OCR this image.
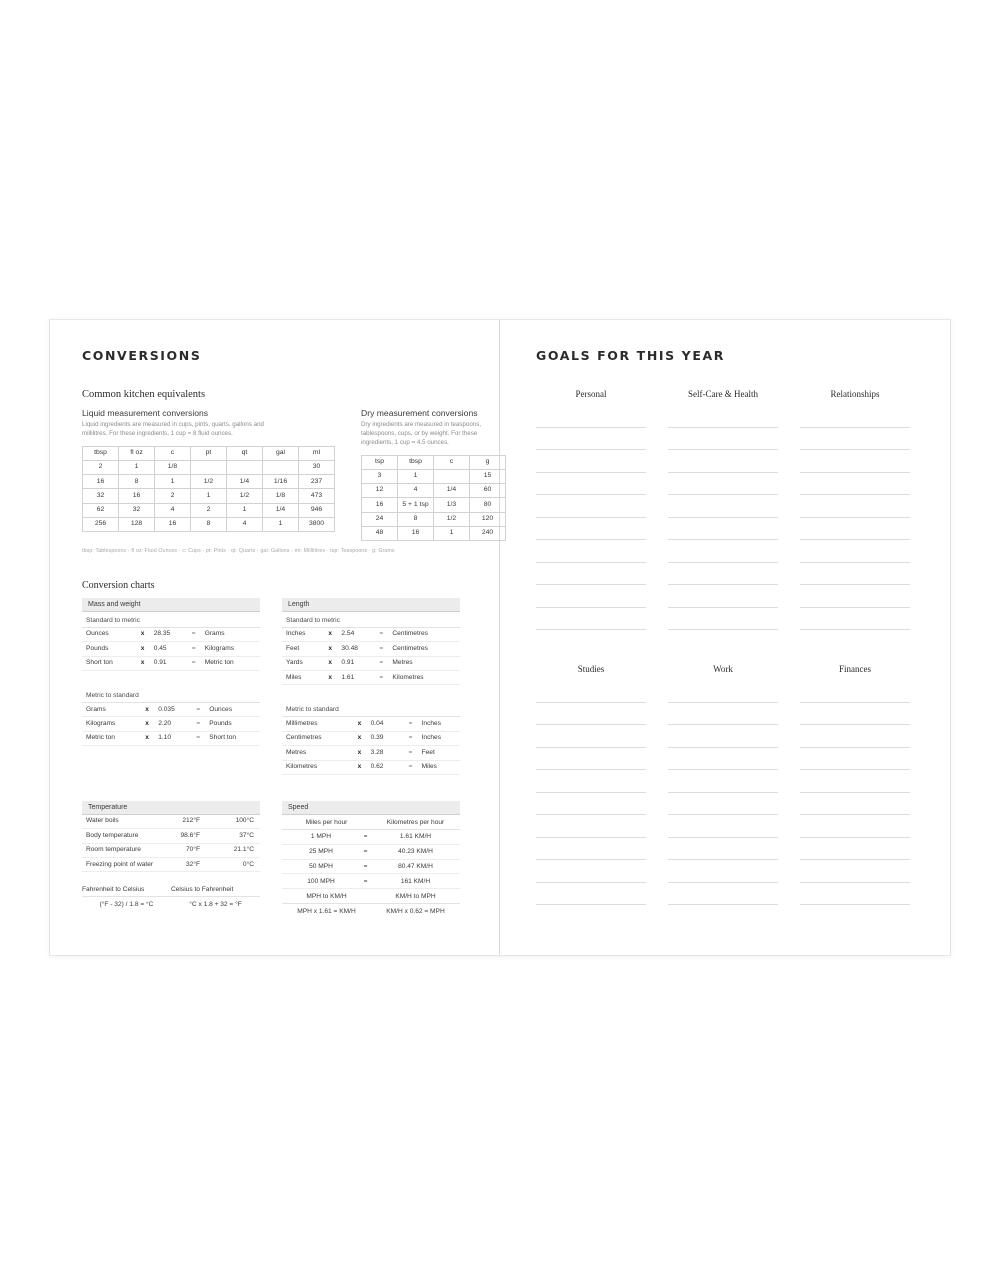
CONVERSIONS
Common kitchen equivalents
Liquid measurement conversions
Liquid ingredients are measured in cups, pints, quarts, gallons and millilitres. For these ingredients, 1 cup = 8 fluid ounces.
tbsp	fl oz	c	pt	qt	gal	ml
2	1	1/8				30
16	8	1	1/2	1/4	1/16	237
32	16	2	1	1/2	1/8	473
62	32	4	2	1	1/4	946
256	128	16	8	4	1	3800
Dry measurement conversions
Dry ingredients are measured in teaspoons, tablespoons, cups, or by weight. For these ingredients, 1 cup = 4.5 ounces.
tsp	tbsp	c	g
3	1		15
12	4	1/4	60
16	5 + 1 tsp	1/3	80
24	8	1/2	120
48	16	1	240
tbsp: Tablespoons · fl oz: Fluid Ounces · c: Cups · pt: Pints · qt: Quarts · gal: Gallons · ml: Millilitres · tsp: Teaspoons · g: Grams
Conversion charts
Mass and weight
Standard to metric
Ounces	x	28.35	=	Grams
Pounds	x	0.45	=	Kilograms
Short ton	x	0.91	=	Metric ton
Metric to standard
Grams	x	0.035	=	Ounces
Kilograms	x	2.20	=	Pounds
Metric ton	x	1.10	=	Short ton
Length
Standard to metric
Inches	x	2.54	=	Centimetres
Feet	x	30.48	=	Centimetres
Yards	x	0.91	=	Metres
Miles	x	1.61	=	Kilometres
Metric to standard
Millimetres	x	0.04	=	Inches
Centimetres	x	0.39	=	Inches
Metres	x	3.28	=	Feet
Kilometres	x	0.62	=	Miles
Temperature
Water boils	212°F	100°C
Body temperature	98.6°F	37°C
Room temperature	70°F	21.1°C
Freezing point of water	32°F	0°C
Fahrenheit to Celsius
(°F - 32) / 1.8 = °C
Celsius to Fahrenheit
°C x 1.8 + 32 = °F
Speed
Miles per hour		Kilometres per hour
1 MPH	=	1.61 KM/H
25 MPH	=	40.23 KM/H
50 MPH	=	80.47 KM/H
100 MPH	=	161 KM/H
MPH to KM/H		KM/H to MPH
MPH x 1.61 = KM/H		KM/H x 0.62 = MPH
GOALS FOR THIS YEAR
Personal	Self-Care & Health	Relationships
Studies	Work	Finances
